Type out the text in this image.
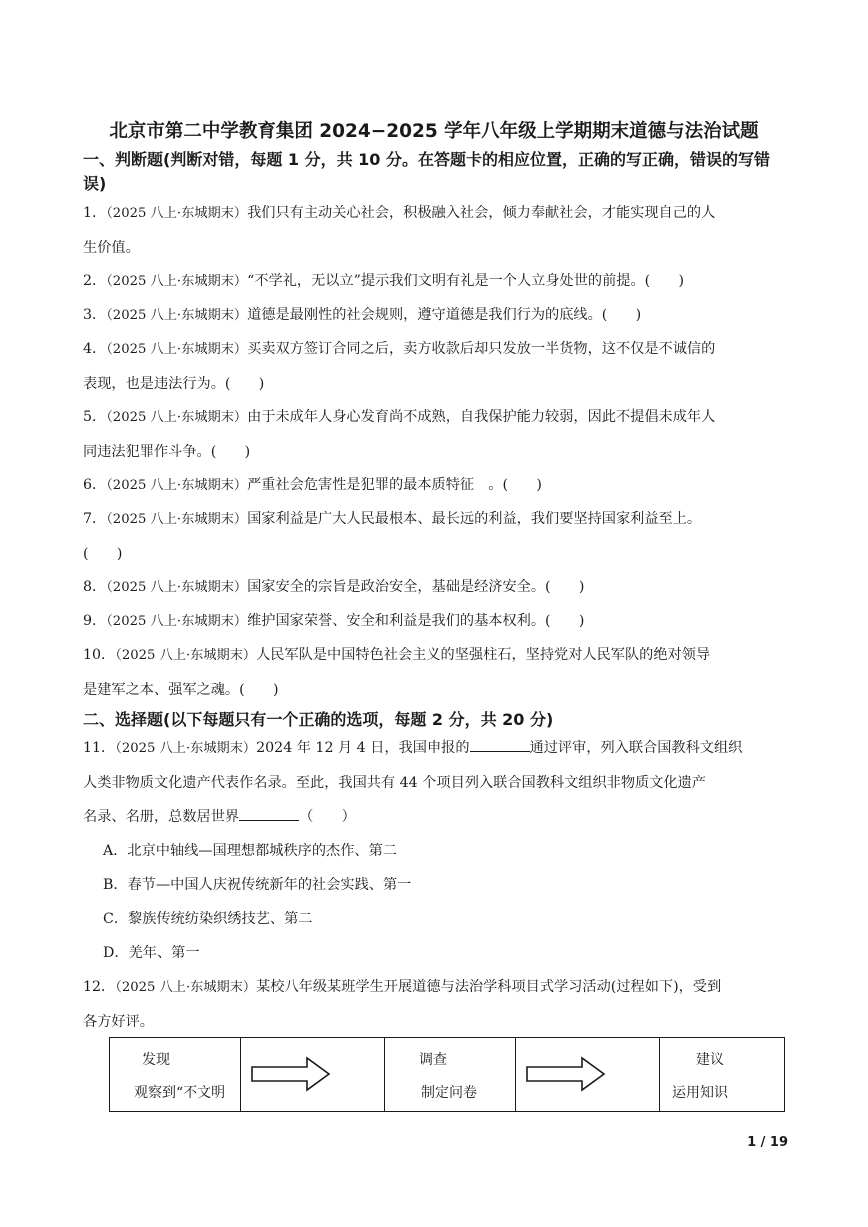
北京市第二中学教育集团 2024−2025 学年八年级上学期期末道德与法治试题
一、判断题(判断对错，每题 1 分，共 10 分。在答题卡的相应位置，正确的写正确，错误的写错误)
1．（2025 八上·东城期末）我们只有主动关心社会，积极融入社会，倾力奉献社会，才能实现自己的人
生价值。
2．（2025 八上·东城期末）“不学礼，无以立”提示我们文明有礼是一个人立身处世的前提。(　　)
3．（2025 八上·东城期末）道德是最刚性的社会规则，遵守道德是我们行为的底线。(　　)
4．（2025 八上·东城期末）买卖双方签订合同之后，卖方收款后却只发放一半货物，这不仅是不诚信的
表现，也是违法行为。(　　)
5．（2025 八上·东城期末）由于未成年人身心发育尚不成熟，自我保护能力较弱，因此不提倡未成年人
同违法犯罪作斗争。(　　)
6．（2025 八上·东城期末）严重社会危害性是犯罪的最本质特征　。(　　)
7．（2025 八上·东城期末）国家利益是广大人民最根本、最长远的利益，我们要坚持国家利益至上。
(　　)
8．（2025 八上·东城期末）国家安全的宗旨是政治安全，基础是经济安全。(　　)
9．（2025 八上·东城期末）维护国家荣誉、安全和利益是我们的基本权利。(　　)
10．（2025 八上·东城期末）人民军队是中国特色社会主义的坚强柱石，坚持党对人民军队的绝对领导
是建军之本、强军之魂。(　　)
二、选择题(以下每题只有一个正确的选项，每题 2 分，共 20 分)
11．（2025 八上·东城期末）2024 年 12 月 4 日，我国申报的	通过评审，列入联合国教科文组织
人类非物质文化遗产代表作名录。至此，我国共有 44 个项目列入联合国教科文组织非物质文化遗产
名录、名册，总数居世界	（　　）
A．北京中轴线—国理想都城秩序的杰作、第二
B．春节—中国人庆祝传统新年的社会实践、第一
C．黎族传统纺染织绣技艺、第二
D．羌年、第一
12．（2025 八上·东城期末）某校八年级某班学生开展道德与法治学科项目式学习活动(过程如下)，受到
各方好评。
发现
观察到“不文明
调查
制定问卷
建议
运用知识
1 / 19
